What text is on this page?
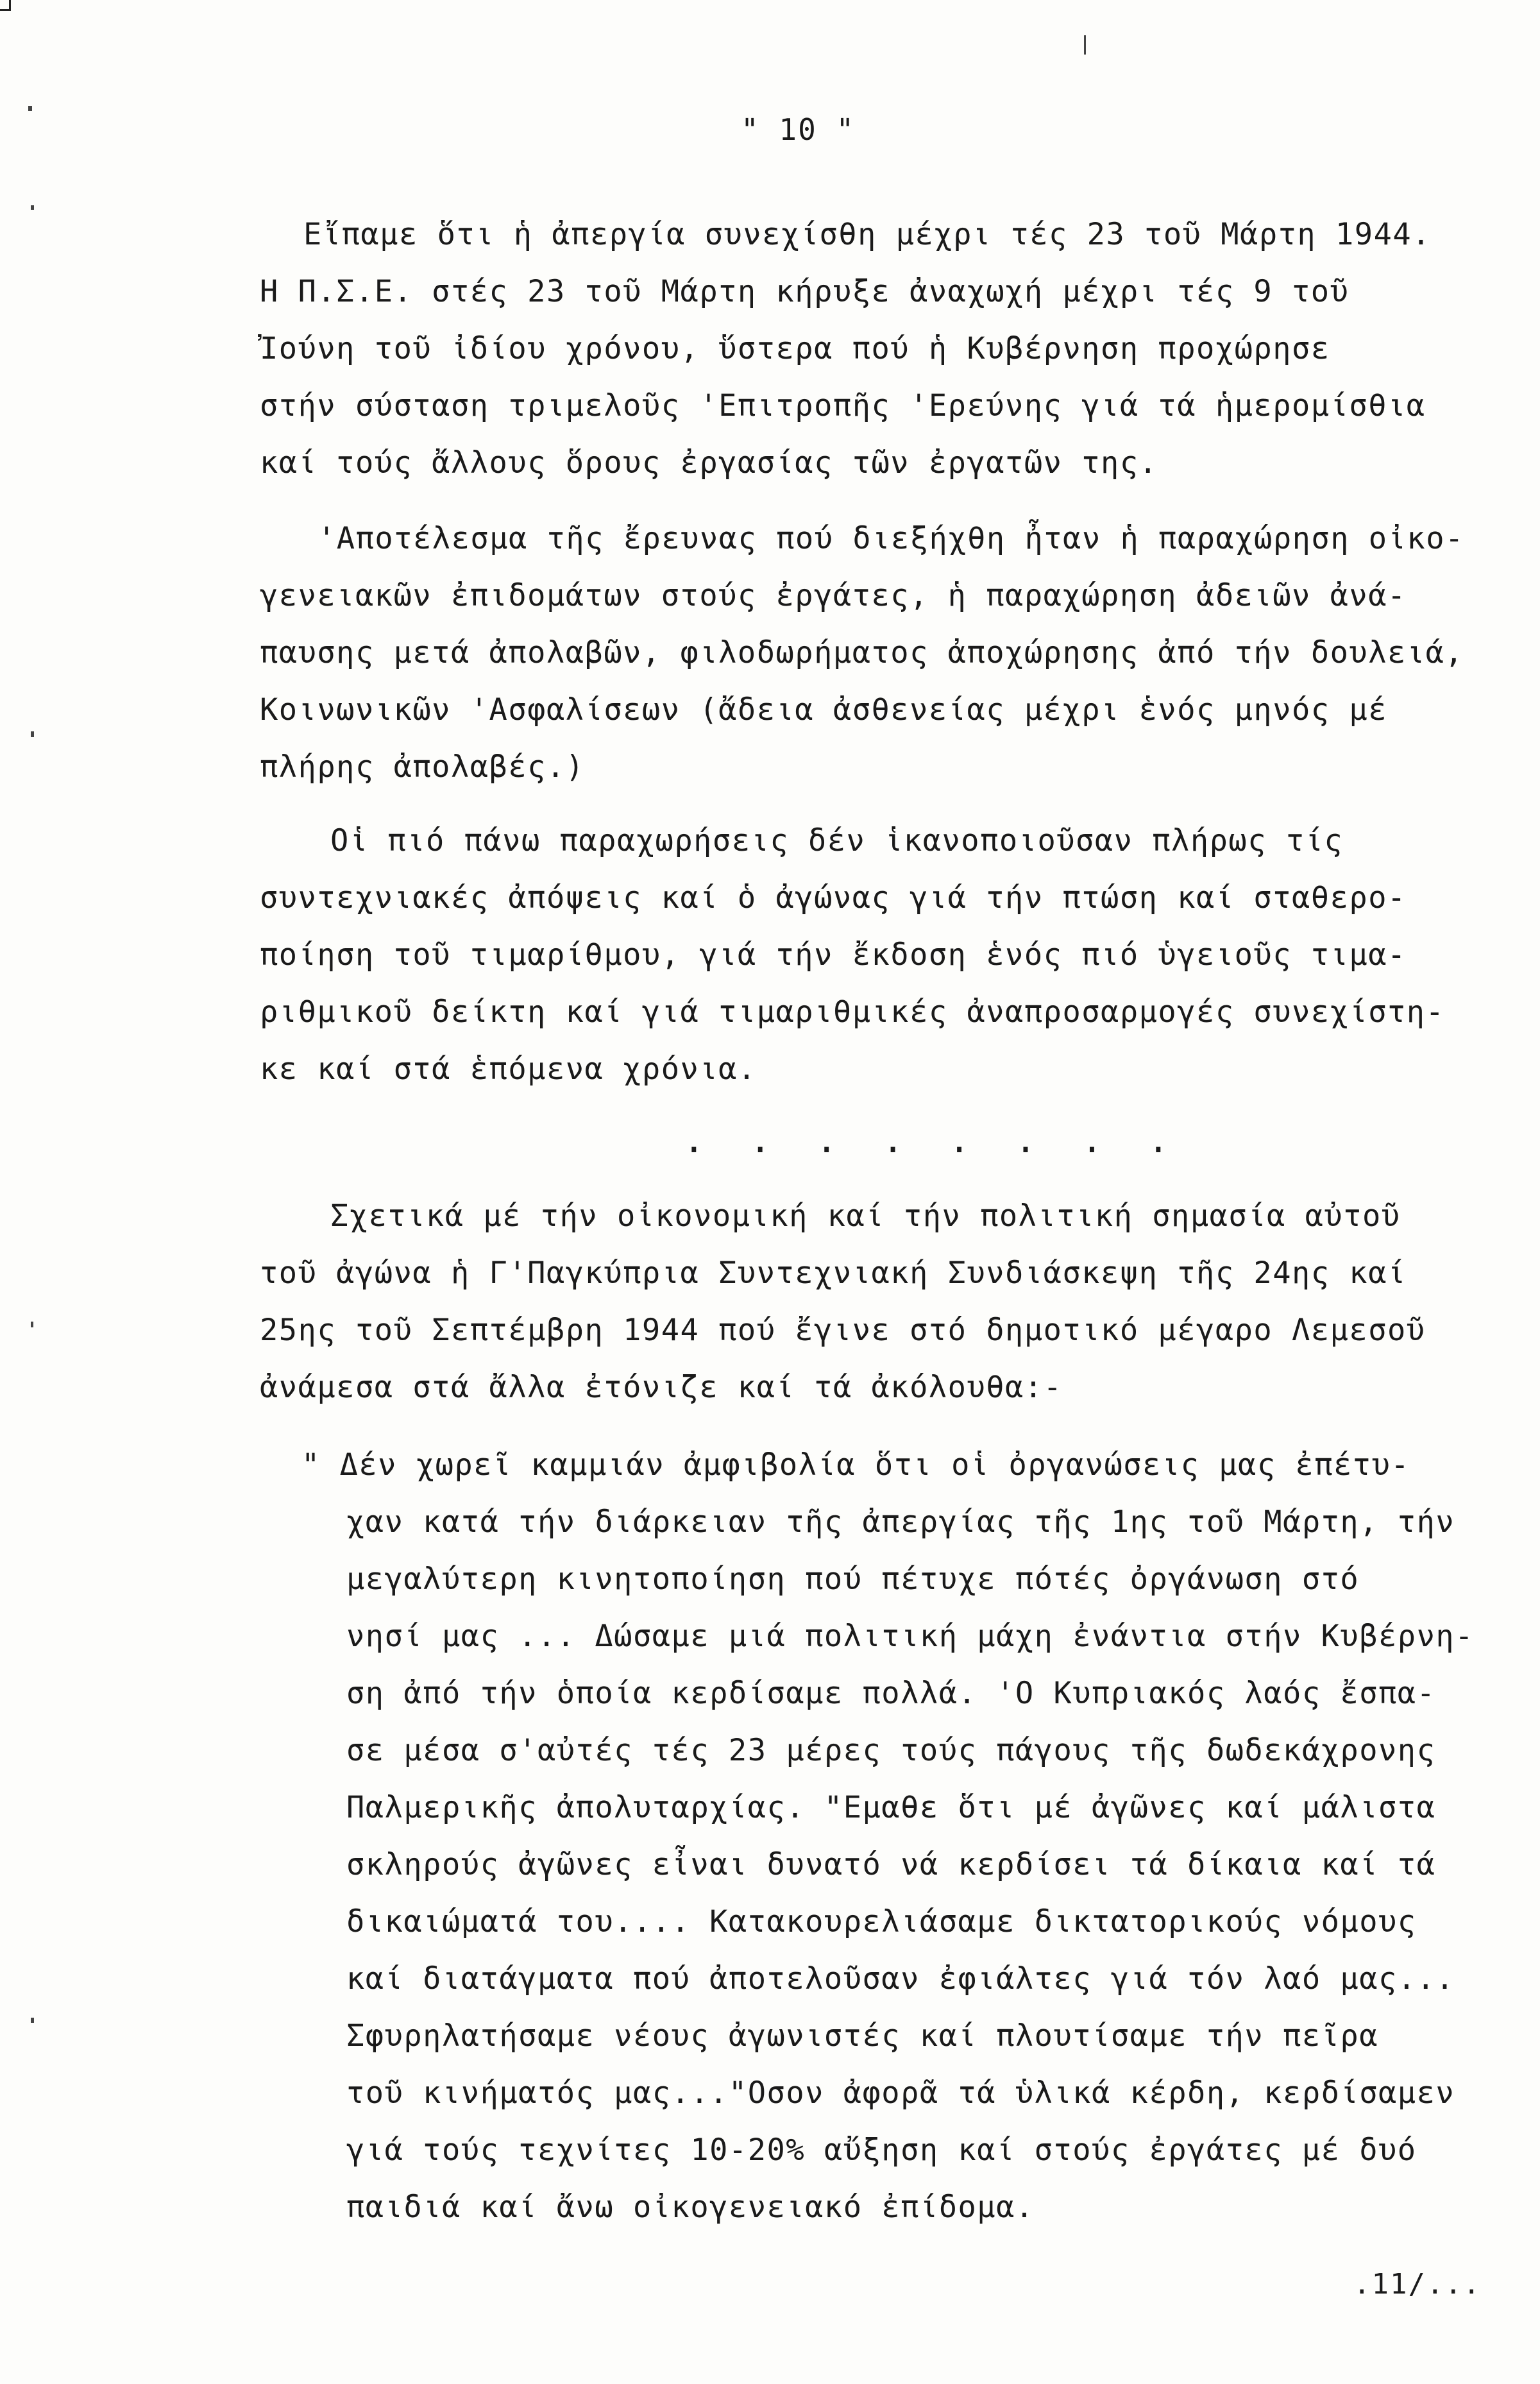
" 10 "
Εἴπαμε ὅτι ἡ ἀπεργία συνεχίσθη μέχρι τές 23 τοῦ Μάρτη 1944.
Η Π.Σ.Ε. στές 23 τοῦ Μάρτη κήρυξε ἀναχωχή μέχρι τές 9 τοῦ
Ἰούνη τοῦ ἰδίου χρόνου, ὕστερα πού ἡ Κυβέρνηση προχώρησε
στήν σύσταση τριμελοῦς 'Επιτροπῆς 'Ερεύνης γιά τά ἡμερομίσθια
καί τούς ἄλλους ὅρους ἐργασίας τῶν ἐργατῶν της.
'Αποτέλεσμα τῆς ἔρευνας πού διεξήχθη ἦταν ἡ παραχώρηση οἰκο-
γενειακῶν ἐπιδομάτων στούς ἐργάτες, ἡ παραχώρηση ἀδειῶν ἀνά-
παυσης μετά ἀπολαβῶν, φιλοδωρήματος ἀποχώρησης ἀπό τήν δουλειά,
Κοινωνικῶν 'Ασφαλίσεων (ἄδεια ἀσθενείας μέχρι ἑνός μηνός μέ
πλήρης ἀπολαβές.)
Οἱ πιό πάνω παραχωρήσεις δέν ἱκανοποιοῦσαν πλήρως τίς
συντεχνιακές ἀπόψεις καί ὁ ἀγώνας γιά τήν πτώση καί σταθερο-
ποίηση τοῦ τιμαρίθμου, γιά τήν ἔκδοση ἑνός πιό ὑγειοῦς τιμα-
ριθμικοῦ δείκτη καί γιά τιμαριθμικές ἀναπροσαρμογές συνεχίστη-
κε καί στά ἑπόμενα χρόνια.
. . . . . . . .
Σχετικά μέ τήν οἰκονομική καί τήν πολιτική σημασία αὐτοῦ
τοῦ ἀγώνα ἡ Γ'Παγκύπρια Συντεχνιακή Συνδιάσκεψη τῆς 24ης καί
25ης τοῦ Σεπτέμβρη 1944 πού ἔγινε στό δημοτικό μέγαρο Λεμεσοῦ
ἀνάμεσα στά ἄλλα ἐτόνιζε καί τά ἀκόλουθα:-
" Δέν χωρεῖ καμμιάν ἀμφιβολία ὅτι οἱ ὀργανώσεις μας ἐπέτυ-
χαν κατά τήν διάρκειαν τῆς ἀπεργίας τῆς 1ης τοῦ Μάρτη, τήν
μεγαλύτερη κινητοποίηση πού πέτυχε πότές ὀργάνωση στό
νησί μας ... Δώσαμε μιά πολιτική μάχη ἐνάντια στήν Κυβέρνη-
ση ἀπό τήν ὁποία κερδίσαμε πολλά. 'Ο Κυπριακός λαός ἔσπα-
σε μέσα σ'αὐτές τές 23 μέρες τούς πάγους τῆς δωδεκάχρονης
Παλμερικῆς ἀπολυταρχίας. "Εμαθε ὅτι μέ ἀγῶνες καί μάλιστα
σκληρούς ἀγῶνες εἶναι δυνατό νά κερδίσει τά δίκαια καί τά
δικαιώματά του.... Κατακουρελιάσαμε δικτατορικούς νόμους
καί διατάγματα πού ἀποτελοῦσαν ἐφιάλτες γιά τόν λαό μας...
Σφυρηλατήσαμε νέους ἀγωνιστές καί πλουτίσαμε τήν πεῖρα
τοῦ κινήματός μας..."Οσον ἀφορᾶ τά ὑλικά κέρδη, κερδίσαμεν
γιά τούς τεχνίτες 10-20% αὔξηση καί στούς ἐργάτες μέ δυό
παιδιά καί ἄνω οἰκογενειακό ἐπίδομα.
.11/...
